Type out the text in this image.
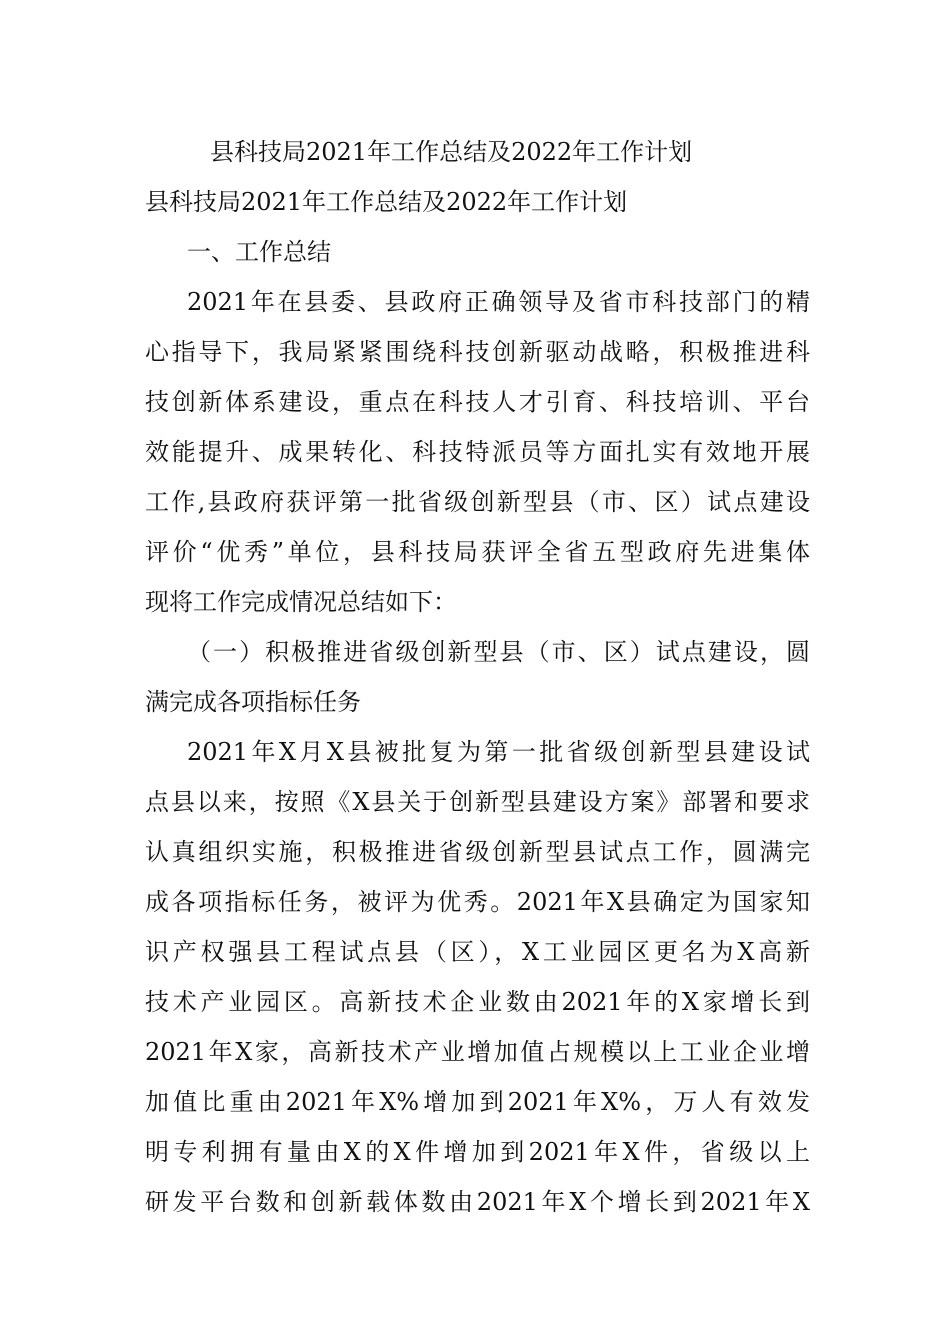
县科技局2021年工作总结及2022年工作计划
县科技局2021年工作总结及2022年工作计划
一、工作总结
2021年在县委、县政府正确领导及省市科技部门的精
心指导下，我局紧紧围绕科技创新驱动战略，积极推进科
技创新体系建设，重点在科技人才引育、科技培训、平台
效能提升、成果转化、科技特派员等方面扎实有效地开展
工作,县政府获评第一批省级创新型县（市、区）试点建设
评价“优秀”单位，县科技局获评全省五型政府先进集体
现将工作完成情况总结如下：
（一）积极推进省级创新型县（市、区）试点建设，圆
满完成各项指标任务
2021年X月X县被批复为第一批省级创新型县建设试
点县以来，按照《X县关于创新型县建设方案》部署和要求
认真组织实施，积极推进省级创新型县试点工作，圆满完
成各项指标任务，被评为优秀。2021年X县确定为国家知
识产权强县工程试点县（区），X工业园区更名为X高新
技术产业园区。高新技术企业数由2021年的X家增长到
2021年X家，高新技术产业增加值占规模以上工业企业增
加值比重由2021年X%增加到2021年X%，万人有效发
明专利拥有量由X的X件增加到2021年X件，省级以上
研发平台数和创新载体数由2021年X个增长到2021年X
